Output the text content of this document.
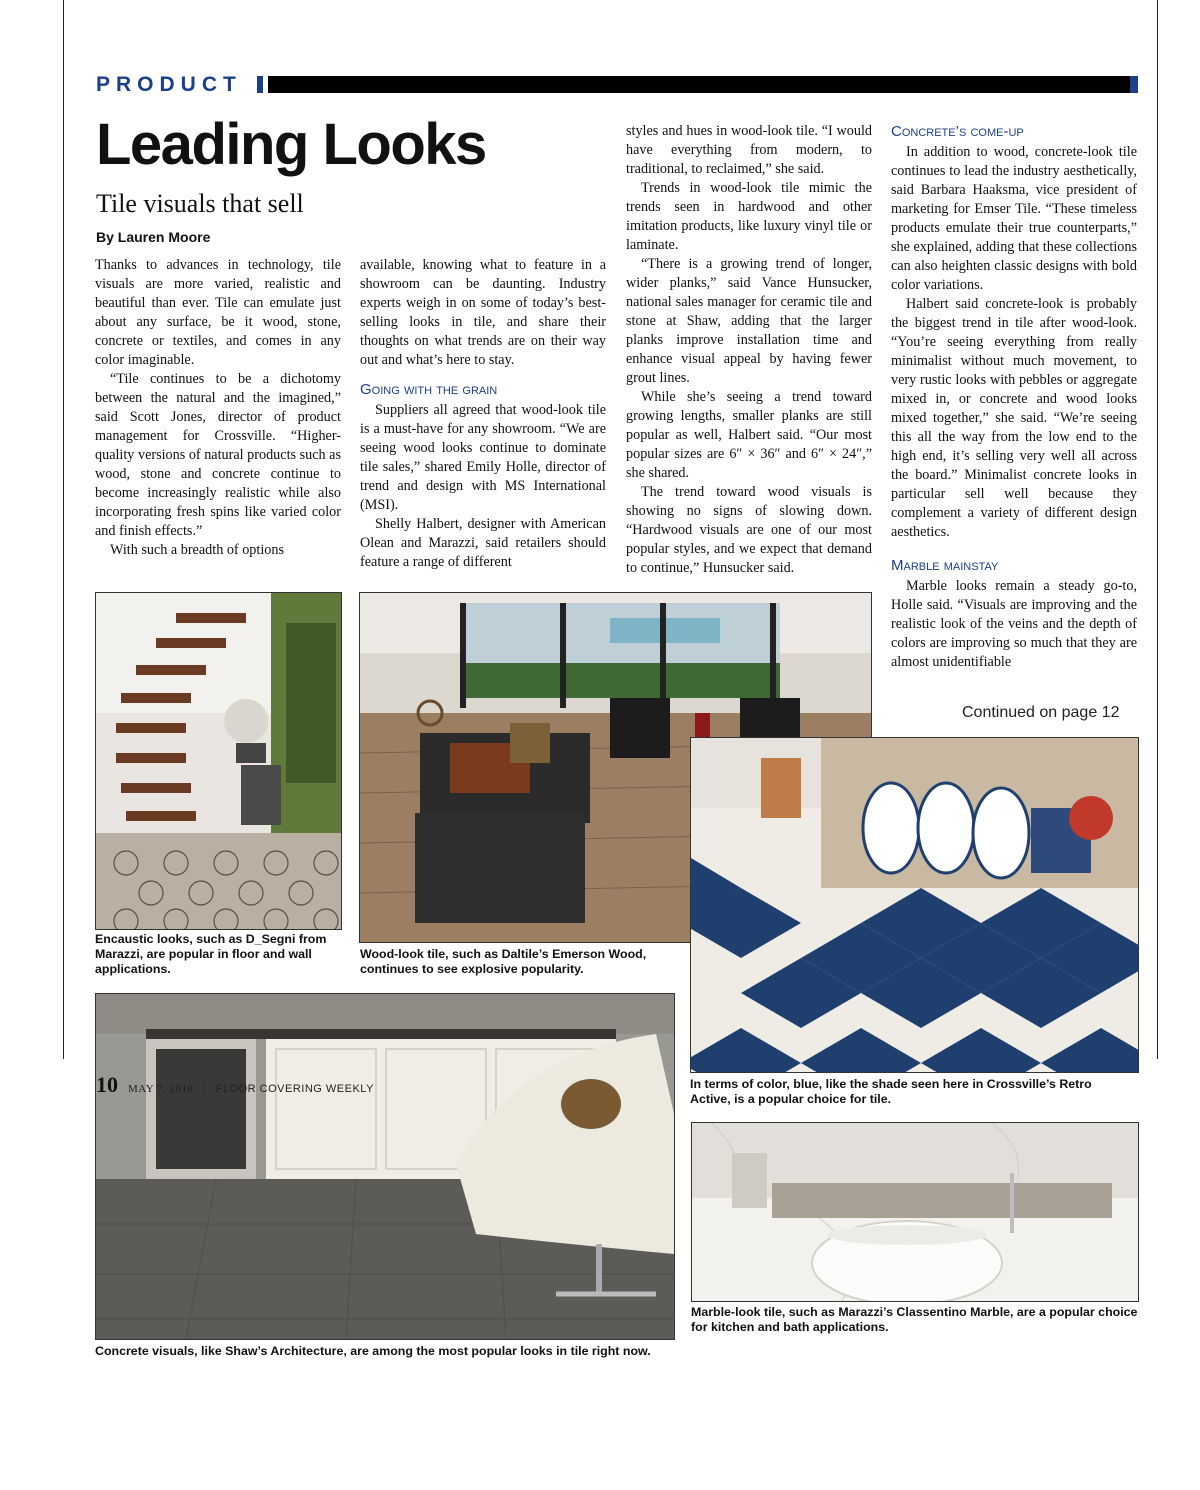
PRODUCT
Leading Looks
Tile visuals that sell
By Lauren Moore

Thanks to advances in technology, tile visuals are more varied, realistic and beautiful than ever. Tile can emulate just about any surface, be it wood, stone, concrete or textiles, and comes in any color imaginable.

“Tile continues to be a dichotomy between the natural and the imagined,” said Scott Jones, director of product management for Crossville. “Higher-quality versions of natural products such as wood, stone and concrete continue to become increasingly realistic while also incorporating fresh spins like varied color and finish effects.”

With such a breadth of options

available, knowing what to feature in a showroom can be daunting. Industry experts weigh in on some of today’s best-selling looks in tile, and share their thoughts on what trends are on their way out and what’s here to stay.

Going with the grain

Suppliers all agreed that wood-look tile is a must-have for any showroom. “We are seeing wood looks continue to dominate tile sales,” shared Emily Holle, director of trend and design with MS International (MSI).

Shelly Halbert, designer with American Olean and Marazzi, said retailers should feature a range of different

styles and hues in wood-look tile. “I would have everything from modern, to traditional, to reclaimed,” she said.

Trends in wood-look tile mimic the trends seen in hardwood and other imitation products, like luxury vinyl tile or laminate.

“There is a growing trend of longer, wider planks,” said Vance Hunsucker, national sales manager for ceramic tile and stone at Shaw, adding that the larger planks improve installation time and enhance visual appeal by having fewer grout lines.

While she’s seeing a trend toward growing lengths, smaller planks are still popular as well, Halbert said. “Our most popular sizes are 6″ × 36″ and 6″ × 24″,” she shared.

The trend toward wood visuals is showing no signs of slowing down. “Hardwood visuals are one of our most popular styles, and we expect that demand to continue,” Hunsucker said.

Concrete’s come-up

In addition to wood, concrete-look tile continues to lead the industry aesthetically, said Barbara Haaksma, vice president of marketing for Emser Tile. “These timeless products emulate their true counterparts,” she explained, adding that these collections can also heighten classic designs with bold color variations.

Halbert said concrete-look is probably the biggest trend in tile after wood-look. “You’re seeing everything from really minimalist without much movement, to very rustic looks with pebbles or aggregate mixed in, or concrete and wood looks mixed together,” she said. “We’re seeing this all the way from the low end to the high end, it’s selling very well all across the board.” Minimalist concrete looks in particular sell well because they complement a variety of different design aesthetics.

Marble mainstay

Marble looks remain a steady go-to, Holle said. “Visuals are improving and the realistic look of the veins and the depth of colors are improving so much that they are almost unidentifiable

Continued on page 12
Encaustic looks, such as D_Segni from Marazzi, are popular in floor and wall applications.
Wood-look tile, such as Daltile’s Emerson Wood, continues to see explosive popularity.
In terms of color, blue, like the shade seen here in Crossville’s Retro Active, is a popular choice for tile.
Concrete visuals, like Shaw’s Architecture, are among the most popular looks in tile right now.
Marble-look tile, such as Marazzi’s Classentino Marble, are a popular choice for kitchen and bath applications.
10 MAY 7, 2018 | FLOOR COVERING WEEKLY
